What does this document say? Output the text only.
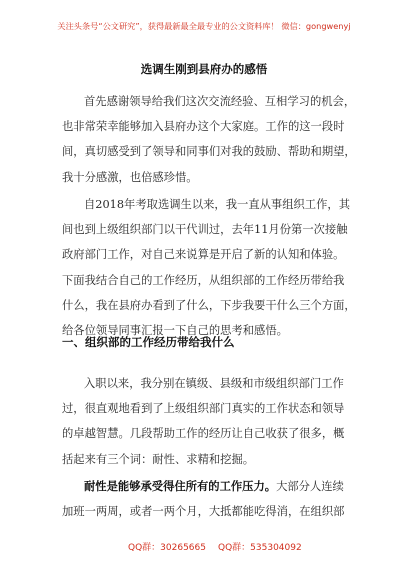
关注头条号“公文研究”，获得最新最全最专业的公文资料库！ 微信：gongwenyj
选调生刚到县府办的感悟
首先感谢领导给我们这次交流经验、互相学习的机会，
也非常荣幸能够加入县府办这个大家庭。工作的这一段时
间，真切感受到了领导和同事们对我的鼓励、帮助和期望，
我十分感激，也倍感珍惜。
自2018年考取选调生以来，我一直从事组织工作，其
间也到上级组织部门以干代训过，去年11月份第一次接触
政府部门工作，对自己来说算是开启了新的认知和体验。
下面我结合自己的工作经历，从组织部的工作经历带给我
什么，我在县府办看到了什么，下步我要干什么三个方面，
给各位领导同事汇报一下自己的思考和感悟。
一、组织部的工作经历带给我什么
入职以来，我分别在镇级、县级和市级组织部门工作
过，很直观地看到了上级组织部门真实的工作状态和领导
的卓越智慧。几段帮助工作的经历让自己收获了很多，概
括起来有三个词：耐性、求精和挖掘。
耐性是能够承受得住所有的工作压力。大部分人连续
加班一两周，或者一两个月，大抵都能吃得消，在组织部
QQ群：30265665 QQ群：535304092
